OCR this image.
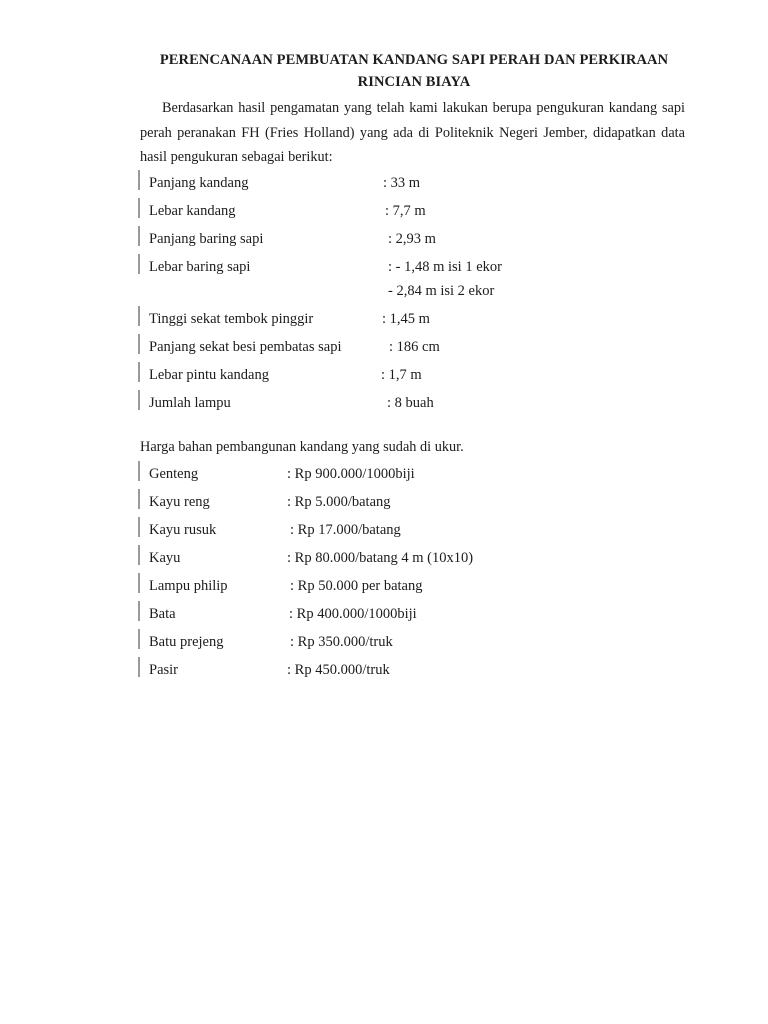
PERENCANAAN PEMBUATAN KANDANG SAPI PERAH DAN PERKIRAAN
RINCIAN BIAYA
Berdasarkan hasil pengamatan yang telah kami lakukan berupa pengukuran kandang sapi perah peranakan FH (Fries Holland) yang ada di Politeknik Negeri Jember, didapatkan data hasil pengukuran sebagai berikut:
Panjang kandang	: 33 m
Lebar kandang	: 7,7 m
Panjang baring sapi	: 2,93 m
Lebar baring sapi	: - 1,48 m isi 1 ekor
- 2,84 m isi 2 ekor
Tinggi sekat tembok pinggir	: 1,45 m
Panjang sekat besi pembatas sapi	: 186 cm
Lebar pintu kandang	: 1,7 m
Jumlah lampu	: 8 buah
Harga bahan pembangunan kandang yang sudah di ukur.
Genteng	: Rp 900.000/1000biji
Kayu reng	: Rp 5.000/batang
Kayu rusuk	: Rp 17.000/batang
Kayu	: Rp 80.000/batang 4 m (10x10)
Lampu philip	: Rp 50.000 per batang
Bata	: Rp 400.000/1000biji
Batu prejeng	: Rp 350.000/truk
Pasir	: Rp 450.000/truk
